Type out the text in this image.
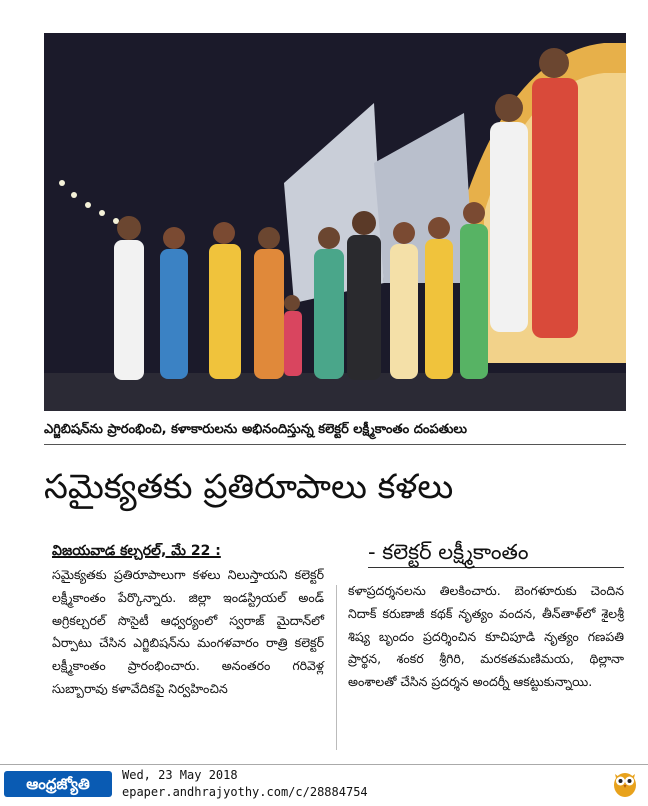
ఎగ్జిబిషన్‌ను ప్రారంభించి, కళాకారులను అభినందిస్తున్న కలెక్టర్ లక్ష్మీకాంతం దంపతులు
సమైక్యతకు ప్రతిరూపాలు కళలు
విజయవాడ కల్చరల్, మే 22 :	- కలెక్టర్ లక్ష్మీకాంతం
సమైక్యతకు ప్రతిరూపాలుగా కళలు నిలుస్తాయని కలెక్టర్ లక్ష్మీకాంతం పేర్కొన్నారు. జిల్లా ఇండస్ట్రియల్ అండ్ అగ్రికల్చరల్ సొసైటీ ఆధ్వర్యంలో స్వరాజ్ మైదాన్‌లో ఏర్పాటు చేసిన ఎగ్జిబిషన్‌ను మంగళవారం రాత్రి కలెక్టర్ లక్ష్మీకాంతం ప్రారంభించారు. అనంతరం గరివెళ్ల సుబ్బారావు కళావేదికపై నిర్వహించిన
కళాప్రదర్శనలను తిలకించారు. బెంగళూరుకు చెందిన నిదాక్ కరుణాజీ కథక్ నృత్యం వందన, తీన్‌తాళ్‌లో శైలశ్రీ శిష్య బృందం ప్రదర్శించిన కూచిపూడి నృత్యం గణపతి ప్రార్థన, శంకర శ్రీగిరి, మరకతమణిమయ, థిల్లానా అంశాలతో చేసిన ప్రదర్శన అందర్నీ ఆకట్టుకున్నాయి.
ఆంధ్రజ్యోతి	Wed, 23 May 2018
epaper.andhrajyothy.com/c/28884754
